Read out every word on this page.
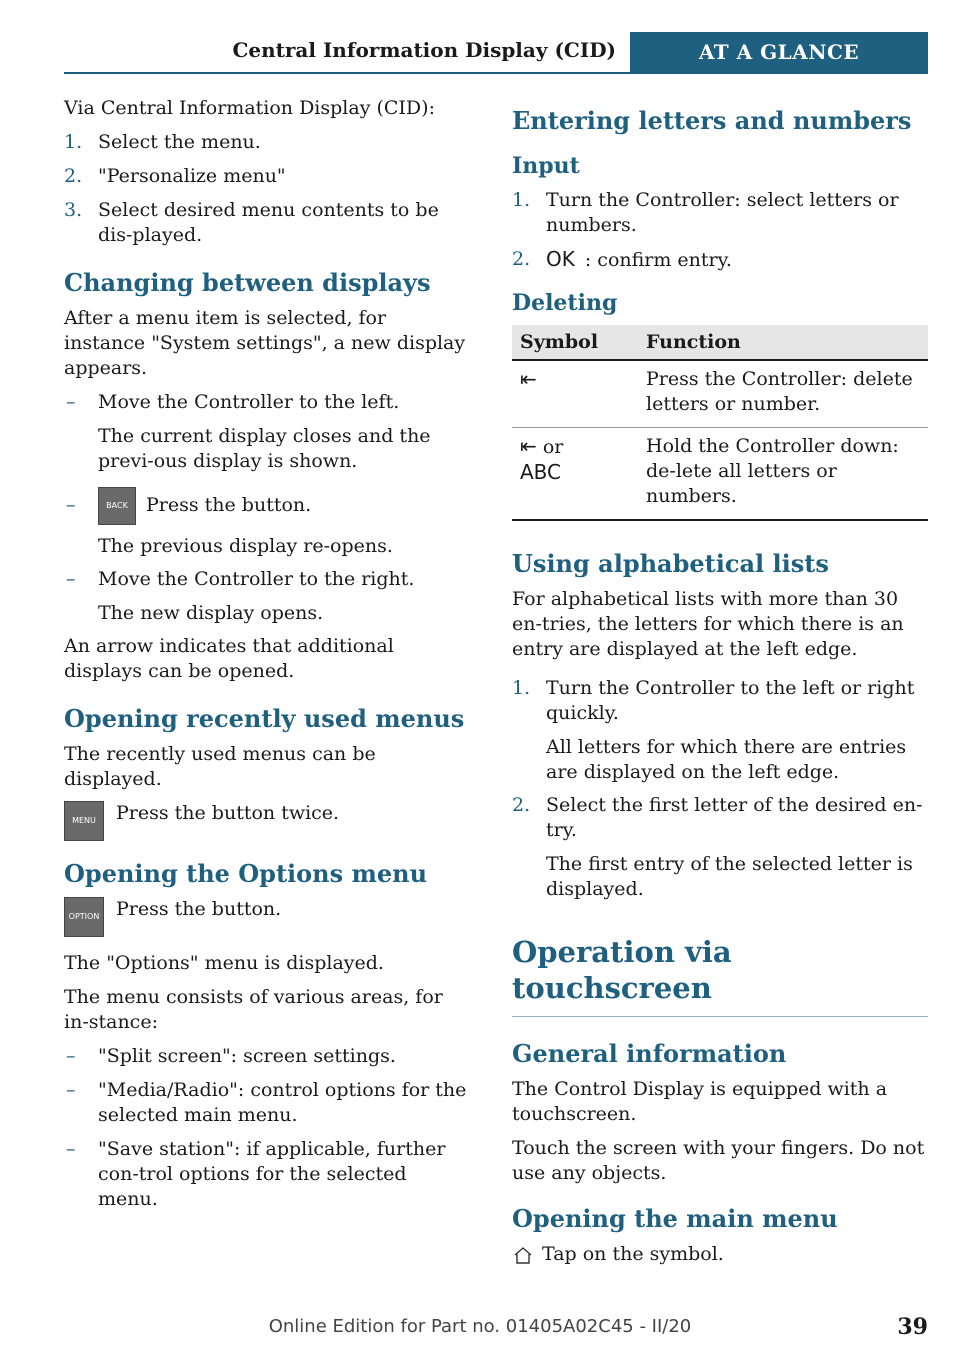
Central Information Display (CID)	AT A GLANCE

Via Central Information Display (CID):

1. Select the menu.
2. "Personalize menu"
3. Select desired menu contents to be dis-played.
Changing between displays

After a menu item is selected, for instance "System settings", a new display appears.

– Move the Controller to the left.
The current display closes and the previ-ous display is shown.
–	BACK Press the button.
The previous display re-opens.
– Move the Controller to the right.
The new display opens.

An arrow indicates that additional displays can be opened.

Opening recently used menus

The recently used menus can be displayed.

MENU	Press the button twice.
Opening the Options menu
OPTION Press the button.

The "Options" menu is displayed.

The menu consists of various areas, for in-stance:

– "Split screen": screen settings.
– "Media/Radio": control options for the selected main menu.
– "Save station": if applicable, further con-trol options for the selected menu.
Entering letters and numbers
Input
1. Turn the Controller: select letters or numbers.
2. OK : confirm entry.
Deleting
Symbol	Function
⇤	Press the Controller: delete letters or number.
⇤ or
ABC	Hold the Controller down: de-lete all letters or numbers.
Using alphabetical lists

For alphabetical lists with more than 30 en-tries, the letters for which there is an entry are displayed at the left edge.

1. Turn the Controller to the left or right quickly.
All letters for which there are entries are displayed on the left edge.
2. Select the first letter of the desired en-try.
The first entry of the selected letter is displayed.
Operation via touchscreen
General information

The Control Display is equipped with a touchscreen.

Touch the screen with your fingers. Do not use any objects.

Opening the main menu

Tap on the symbol.

Online Edition for Part no. 01405A02C45 - II/20	39
